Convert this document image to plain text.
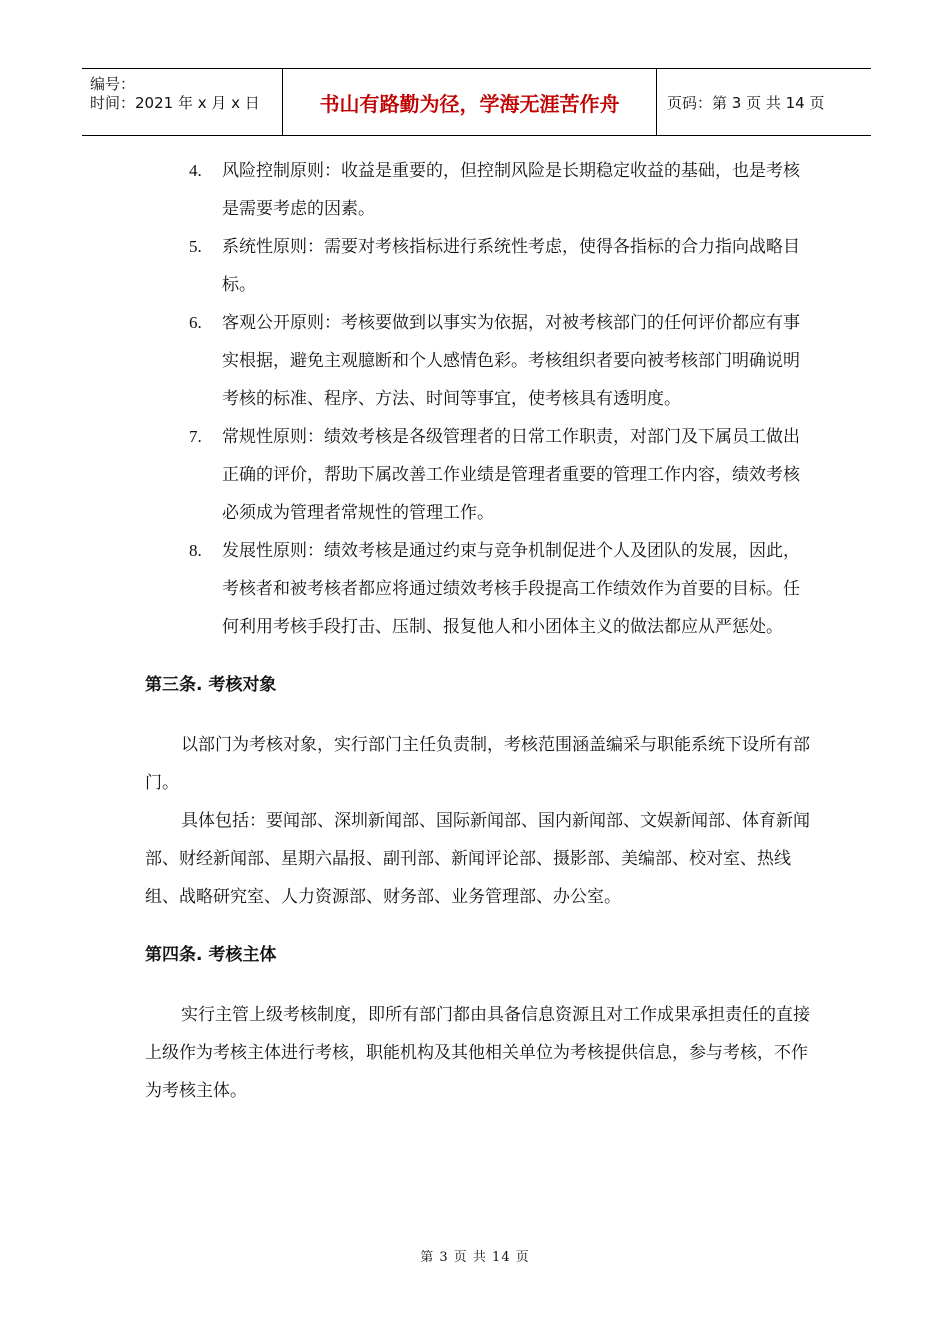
编号：
时间：2021 年 x 月 x 日	书山有路勤为径，学海无涯苦作舟	页码：第 3 页 共 14 页
4.	风险控制原则：收益是重要的，但控制风险是长期稳定收益的基础，也是考核是需要考虑的因素。
5.	系统性原则：需要对考核指标进行系统性考虑，使得各指标的合力指向战略目标。
6.	客观公开原则：考核要做到以事实为依据，对被考核部门的任何评价都应有事实根据，避免主观臆断和个人感情色彩。考核组织者要向被考核部门明确说明考核的标准、程序、方法、时间等事宜，使考核具有透明度。
7.	常规性原则：绩效考核是各级管理者的日常工作职责，对部门及下属员工做出正确的评价，帮助下属改善工作业绩是管理者重要的管理工作内容，绩效考核必须成为管理者常规性的管理工作。
8.	发展性原则：绩效考核是通过约束与竞争机制促进个人及团队的发展，因此，考核者和被考核者都应将通过绩效考核手段提高工作绩效作为首要的目标。任何利用考核手段打击、压制、报复他人和小团体主义的做法都应从严惩处。
第三条. 考核对象
以部门为考核对象，实行部门主任负责制，考核范围涵盖编采与职能系统下设所有部门。
具体包括：要闻部、深圳新闻部、国际新闻部、国内新闻部、文娱新闻部、体育新闻部、财经新闻部、星期六晶报、副刊部、新闻评论部、摄影部、美编部、校对室、热线组、战略研究室、人力资源部、财务部、业务管理部、办公室。
第四条. 考核主体
实行主管上级考核制度，即所有部门都由具备信息资源且对工作成果承担责任的直接上级作为考核主体进行考核，职能机构及其他相关单位为考核提供信息，参与考核，不作为考核主体。
第 3 页 共 14 页
